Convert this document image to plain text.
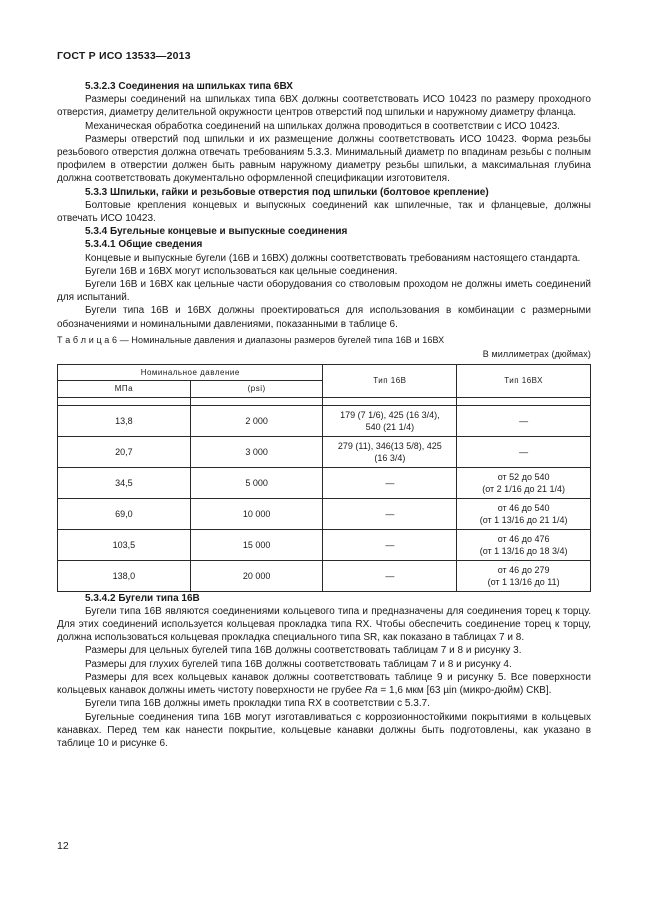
ГОСТ Р ИСО 13533—2013

5.3.2.3 Соединения на шпильках типа 6ВХ

Размеры соединений на шпильках типа 6ВХ должны соответствовать ИСО 10423 по размеру проходного отверстия, диаметру делительной окружности центров отверстий под шпильки и наружному диаметру фланца.

Механическая обработка соединений на шпильках должна проводиться в соответствии с ИСО 10423.

Размеры отверстий под шпильки и их размещение должны соответствовать ИСО 10423. Форма резьбы резьбового отверстия должна отвечать требованиям 5.3.3. Минимальный диаметр по впадинам резьбы с полным профилем в отверстии должен быть равным наружному диаметру резьбы шпильки, а максимальная глубина должна соответствовать документально оформленной спецификации изготовителя.

5.3.3 Шпильки, гайки и резьбовые отверстия под шпильки (болтовое крепление)

Болтовые крепления концевых и выпускных соединений как шпилечные, так и фланцевые, должны отвечать ИСО 10423.

5.3.4 Бугельные концевые и выпускные соединения

5.3.4.1 Общие сведения

Концевые и выпускные бугели (16В и 16ВХ) должны соответствовать требованиям настоящего стандарта.

Бугели 16В и 16ВХ могут использоваться как цельные соединения.

Бугели 16В и 16ВХ как цельные части оборудования со стволовым проходом не должны иметь соединений для испытаний.

Бугели типа 16В и 16ВХ должны проектироваться для использования в комбинации с размерными обозначениями и номинальными давлениями, показанными в таблице 6.

Т а б л и ц а 6 — Номинальные давления и диапазоны размеров бугелей типа 16В и 16ВХ
В миллиметрах (дюймах)
Номинальное давление		Тип 16В	Тип 16ВХ
МПа	(psi)		

13,8	2 000	179 (7 1/6), 425 (16 3/4),
540 (21 1/4)	—

20,7	3 000	279 (11), 346(13 5/8), 425
(16 3/4)	—

34,5	5 000	—	от 52 до 540
(от 2 1/16 до 21 1/4)

69,0	10 000	—	от 46 до 540
(от 1 13/16 до 21 1/4)

103,5	15 000	—	от 46 до 476
(от 1 13/16 до 18 3/4)

138,0	20 000	—	от 46 до 279
(от 1 13/16 до 11)

5.3.4.2 Бугели типа 16В

Бугели типа 16В являются соединениями кольцевого типа и предназначены для соединения торец к торцу. Для этих соединений используется кольцевая прокладка типа RX. Чтобы обеспечить соединение торец к торцу, должна использоваться кольцевая прокладка специального типа SR, как показано в таблицах 7 и 8.

Размеры для цельных бугелей типа 16В должны соответствовать таблицам 7 и 8 и рисунку 3.

Размеры для глухих бугелей типа 16В должны соответствовать таблицам 7 и 8 и рисунку 4.

Размеры для всех кольцевых канавок должны соответствовать таблице 9 и рисунку 5. Все поверхности кольцевых канавок должны иметь чистоту поверхности не грубее Ra = 1,6 мкм [63 µin (микро-дюйм) СКВ].

Бугели типа 16В должны иметь прокладки типа RX в соответствии с 5.3.7.

Бугельные соединения типа 16В могут изготавливаться с коррозионностойкими покрытиями в кольцевых канавках. Перед тем как нанести покрытие, кольцевые канавки должны быть подготовлены, как указано в таблице 10 и рисунке 6.

12
